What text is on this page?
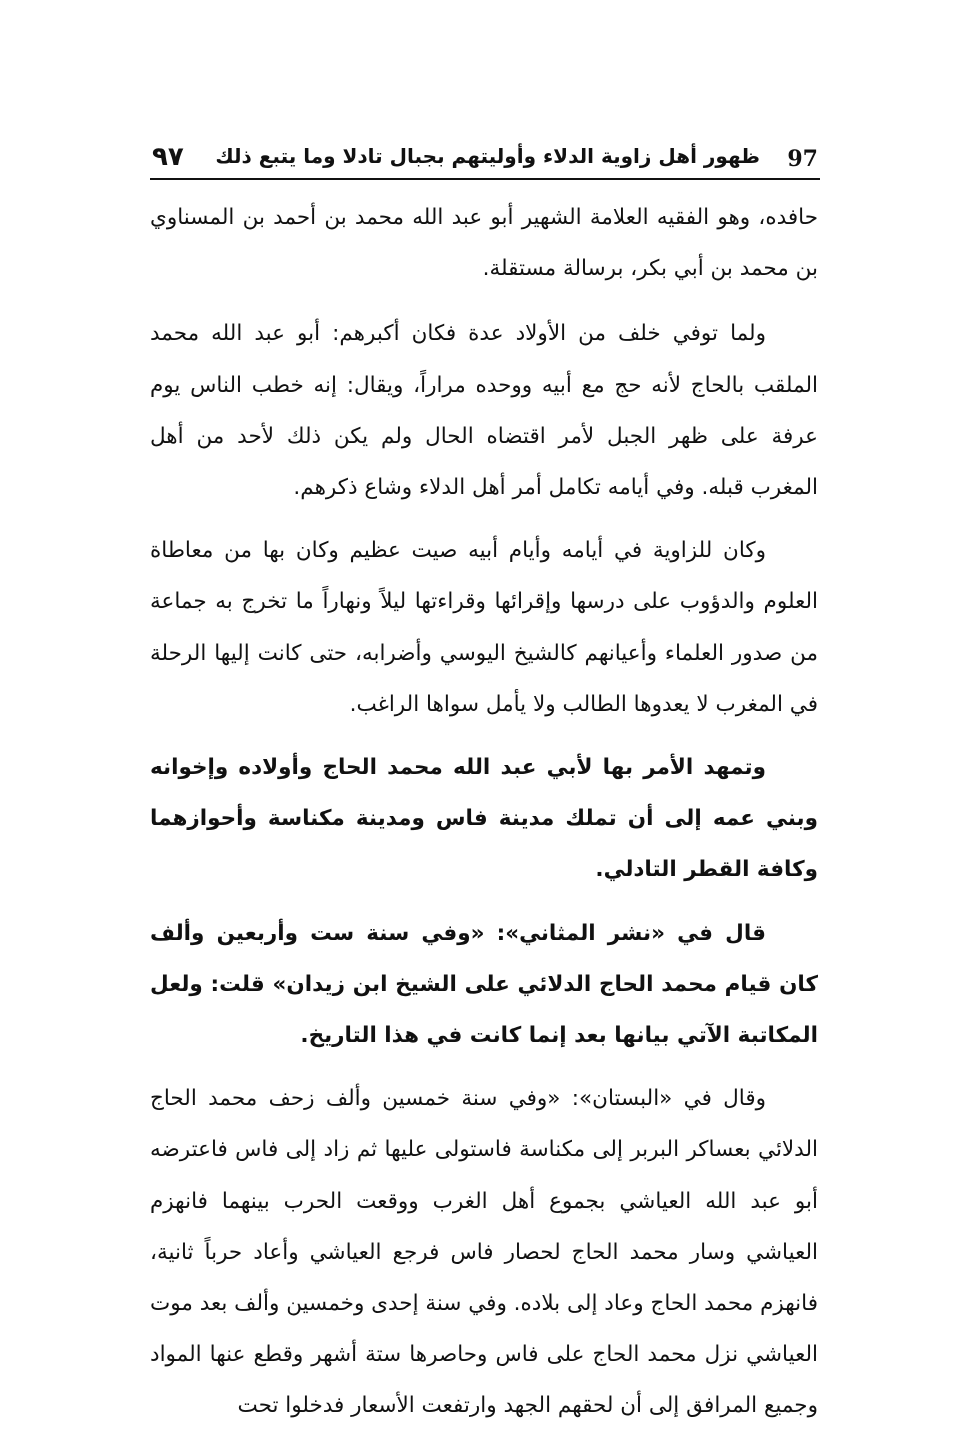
٩٧ ظهور أهل زاوية الدلاء وأوليتهم بجبال تادلا وما يتبع ذلك 97

حافده، وهو الفقيه العلامة الشهير أبو عبد الله محمد بن أحمد بن المسناوي بن محمد بن أبي بكر، برسالة مستقلة.

ولما توفي خلف من الأولاد عدة فكان أكبرهم: أبو عبد الله محمد الملقب بالحاج لأنه حج مع أبيه ووحده مراراً، ويقال: إنه خطب الناس يوم عرفة على ظهر الجبل لأمر اقتضاه الحال ولم يكن ذلك لأحد من أهل المغرب قبله. وفي أيامه تكامل أمر أهل الدلاء وشاع ذكرهم.

وكان للزاوية في أيامه وأيام أبيه صيت عظيم وكان بها من معاطاة العلوم والدؤوب على درسها وإقرائها وقراءتها ليلاً ونهاراً ما تخرج به جماعة من صدور العلماء وأعيانهم كالشيخ اليوسي وأضرابه، حتى كانت إليها الرحلة في المغرب لا يعدوها الطالب ولا يأمل سواها الراغب.

وتمهد الأمر بها لأبي عبد الله محمد الحاج وأولاده وإخوانه وبني عمه إلى أن تملك مدينة فاس ومدينة مكناسة وأحوازهما وكافة القطر التادلي.

قال في «نشر المثاني»: «وفي سنة ست وأربعين وألف كان قيام محمد الحاج الدلائي على الشيخ ابن زيدان» قلت: ولعل المكاتبة الآتي بيانها بعد إنما كانت في هذا التاريخ.

وقال في «البستان»: «وفي سنة خمسين وألف زحف محمد الحاج الدلائي بعساكر البربر إلى مكناسة فاستولى عليها ثم زاد إلى فاس فاعترضه أبو عبد الله العياشي بجموع أهل الغرب ووقعت الحرب بينهما فانهزم العياشي وسار محمد الحاج لحصار فاس فرجع العياشي وأعاد حرباً ثانية، فانهزم محمد الحاج وعاد إلى بلاده. وفي سنة إحدى وخمسين وألف بعد موت العياشي نزل محمد الحاج على فاس وحاصرها ستة أشهر وقطع عنها المواد وجميع المرافق إلى أن لحقهم الجهد وارتفعت الأسعار فدخلوا تحت
